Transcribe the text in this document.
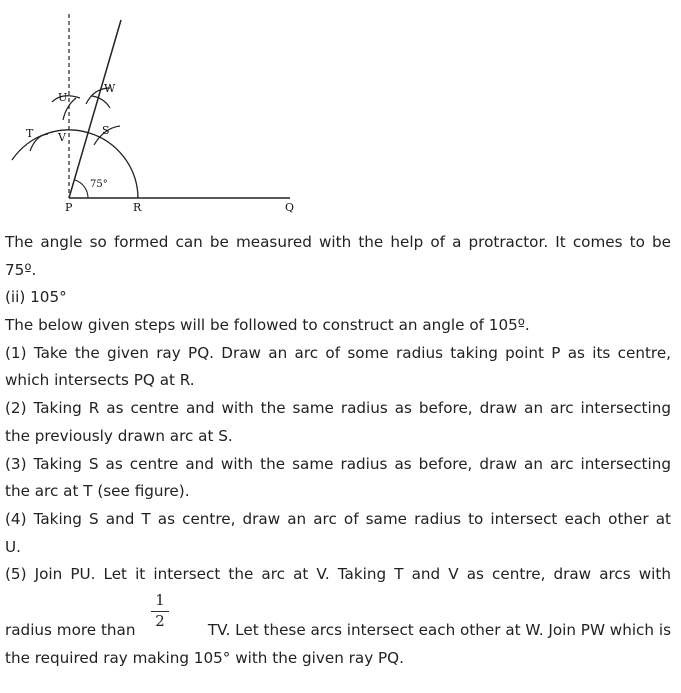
U
W
T V
S
75°
P	R	Q
The angle so formed can be measured with the help of a protractor. It comes to be
75º.
(ii) 105°
The below given steps will be followed to construct an angle of 105º.
(1) Take the given ray PQ. Draw an arc of some radius taking point P as its centre,
which intersects PQ at R.
(2) Taking R as centre and with the same radius as before, draw an arc intersecting
the previously drawn arc at S.
(3) Taking S as centre and with the same radius as before, draw an arc intersecting
the arc at T (see figure).
(4) Taking S and T as centre, draw an arc of same radius to intersect each other at
U.
(5) Join PU. Let it intersect the arc at V. Taking T and V as centre, draw arcs with
1
2
radius more than	TV. Let these arcs intersect each other at W. Join PW which is
the required ray making 105° with the given ray PQ.
